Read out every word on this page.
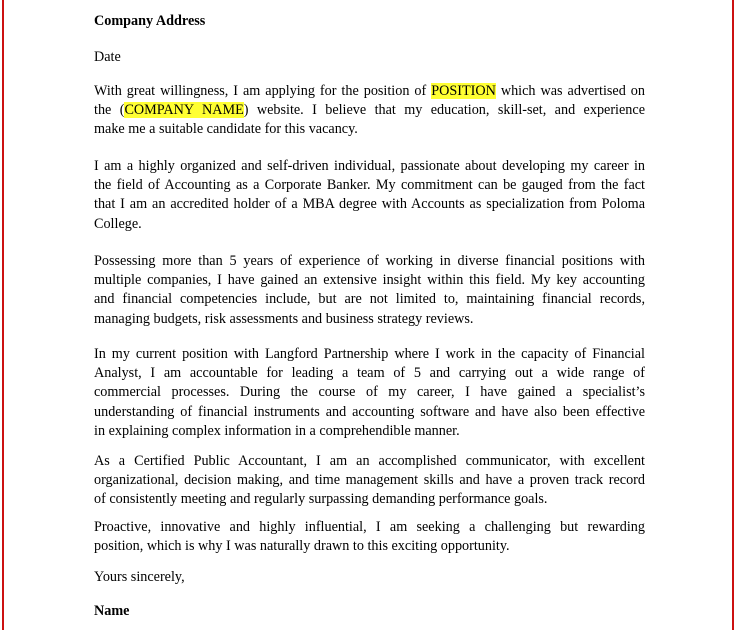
Company Address
Date
With great willingness, I am applying for the position of POSITION which was advertised on
the (COMPANY NAME) website. I believe that my education, skill-set, and experience
make me a suitable candidate for this vacancy.
I am a highly organized and self-driven individual, passionate about developing my career in
the field of Accounting as a Corporate Banker. My commitment can be gauged from the fact
that I am an accredited holder of a MBA degree with Accounts as specialization from Poloma
College.
Possessing more than 5 years of experience of working in diverse financial positions with
multiple companies, I have gained an extensive insight within this field. My key accounting
and financial competencies include, but are not limited to, maintaining financial records,
managing budgets, risk assessments and business strategy reviews.
In my current position with Langford Partnership where I work in the capacity of Financial
Analyst, I am accountable for leading a team of 5 and carrying out a wide range of
commercial processes. During the course of my career, I have gained a specialist’s
understanding of financial instruments and accounting software and have also been effective
in explaining complex information in a comprehendible manner.
As a Certified Public Accountant, I am an accomplished communicator, with excellent
organizational, decision making, and time management skills and have a proven track record
of consistently meeting and regularly surpassing demanding performance goals.
Proactive, innovative and highly influential, I am seeking a challenging but rewarding
position, which is why I was naturally drawn to this exciting opportunity.
Yours sincerely,
Name
